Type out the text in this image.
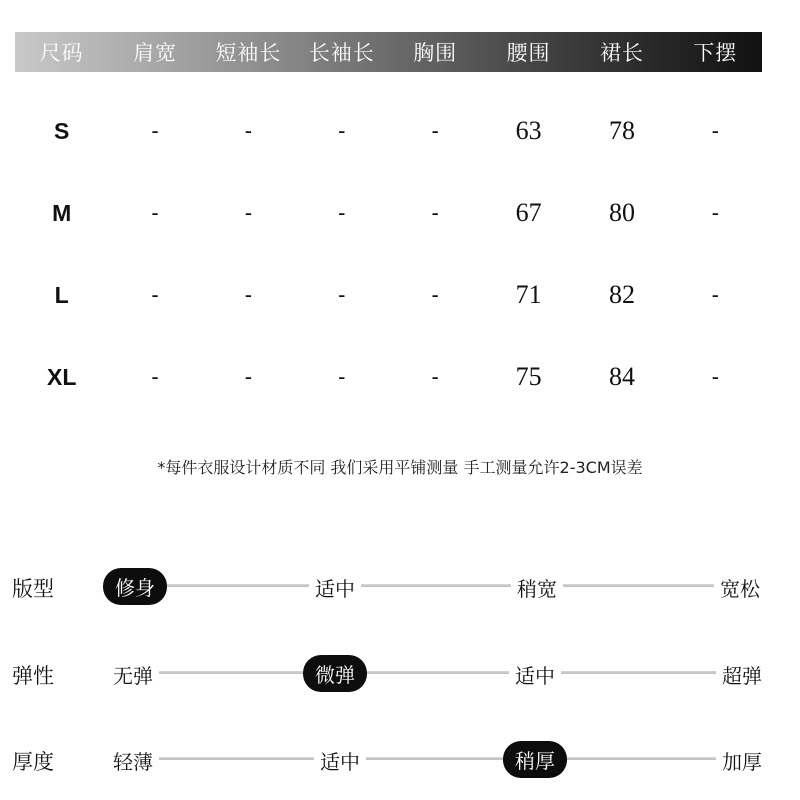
尺码	肩宽	短袖长	长袖长	胸围	腰围	裙长	下摆
S	-	-	-	-	63	78	-
M	-	-	-	-	67	80	-
L	-	-	-	-	71	82	-
XL	-	-	-	-	75	84	-
*每件衣服设计材质不同 我们采用平铺测量 手工测量允许2-3CM误差
版型	修身	适中	稍宽	宽松
弹性	无弹	微弹	适中	超弹
厚度	轻薄	适中	稍厚	加厚
